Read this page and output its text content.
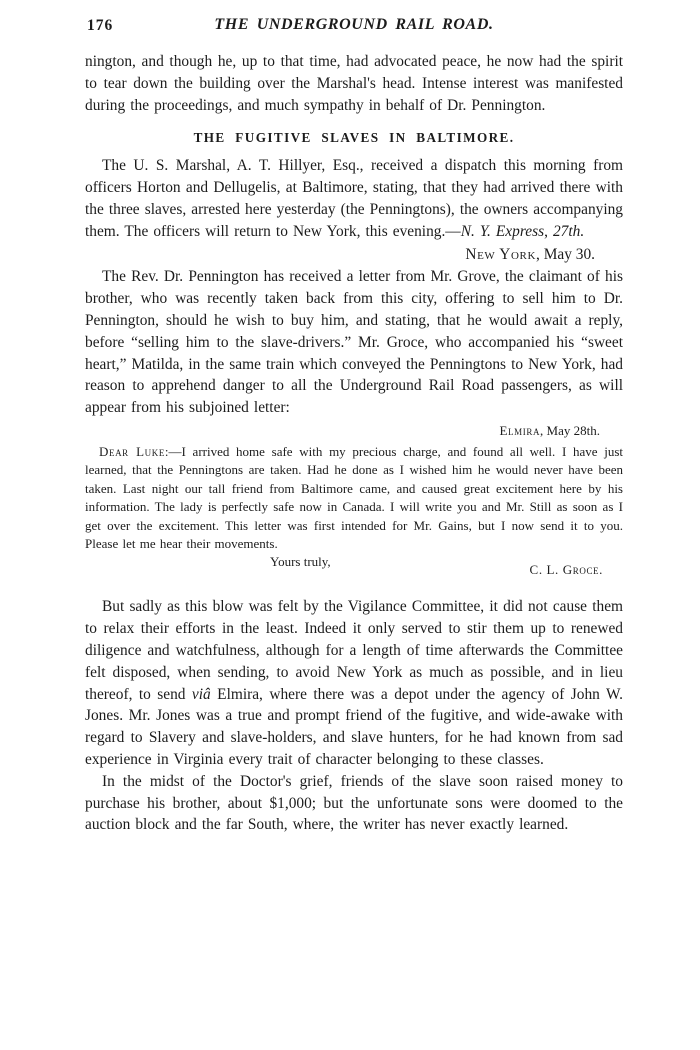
176	THE UNDERGROUND RAIL ROAD.

nington, and though he, up to that time, had advocated peace, he now had the spirit to tear down the building over the Marshal's head. Intense interest was manifested during the proceedings, and much sympathy in behalf of Dr. Pennington.

THE FUGITIVE SLAVES IN BALTIMORE.

The U. S. Marshal, A. T. Hillyer, Esq., received a dispatch this morning from officers Horton and Dellugelis, at Baltimore, stating, that they had arrived there with the three slaves, arrested here yesterday (the Penningtons), the owners accompanying them. The officers will return to New York, this evening.—N. Y. Express, 27th.

New York, May 30.

The Rev. Dr. Pennington has received a letter from Mr. Grove, the claimant of his brother, who was recently taken back from this city, offering to sell him to Dr. Pennington, should he wish to buy him, and stating, that he would await a reply, before “selling him to the slave-drivers.” Mr. Groce, who accompanied his “sweet heart,” Matilda, in the same train which conveyed the Penningtons to New York, had reason to apprehend danger to all the Underground Rail Road passengers, as will appear from his subjoined letter:

Elmira, May 28th.

Dear Luke:—I arrived home safe with my precious charge, and found all well. I have just learned, that the Penningtons are taken. Had he done as I wished him he would never have been taken. Last night our tall friend from Baltimore came, and caused great excitement here by his information. The lady is perfectly safe now in Canada. I will write you and Mr. Still as soon as I get over the excitement. This letter was first intended for Mr. Gains, but I now send it to you. Please let me hear their movements.

Yours truly,
C. L. Groce.

But sadly as this blow was felt by the Vigilance Committee, it did not cause them to relax their efforts in the least. Indeed it only served to stir them up to renewed diligence and watchfulness, although for a length of time afterwards the Committee felt disposed, when sending, to avoid New York as much as possible, and in lieu thereof, to send viâ Elmira, where there was a depot under the agency of John W. Jones. Mr. Jones was a true and prompt friend of the fugitive, and wide-awake with regard to Slavery and slave-holders, and slave hunters, for he had known from sad experience in Virginia every trait of character belonging to these classes.

In the midst of the Doctor's grief, friends of the slave soon raised money to purchase his brother, about $1,000; but the unfortunate sons were doomed to the auction block and the far South, where, the writer has never exactly learned.
